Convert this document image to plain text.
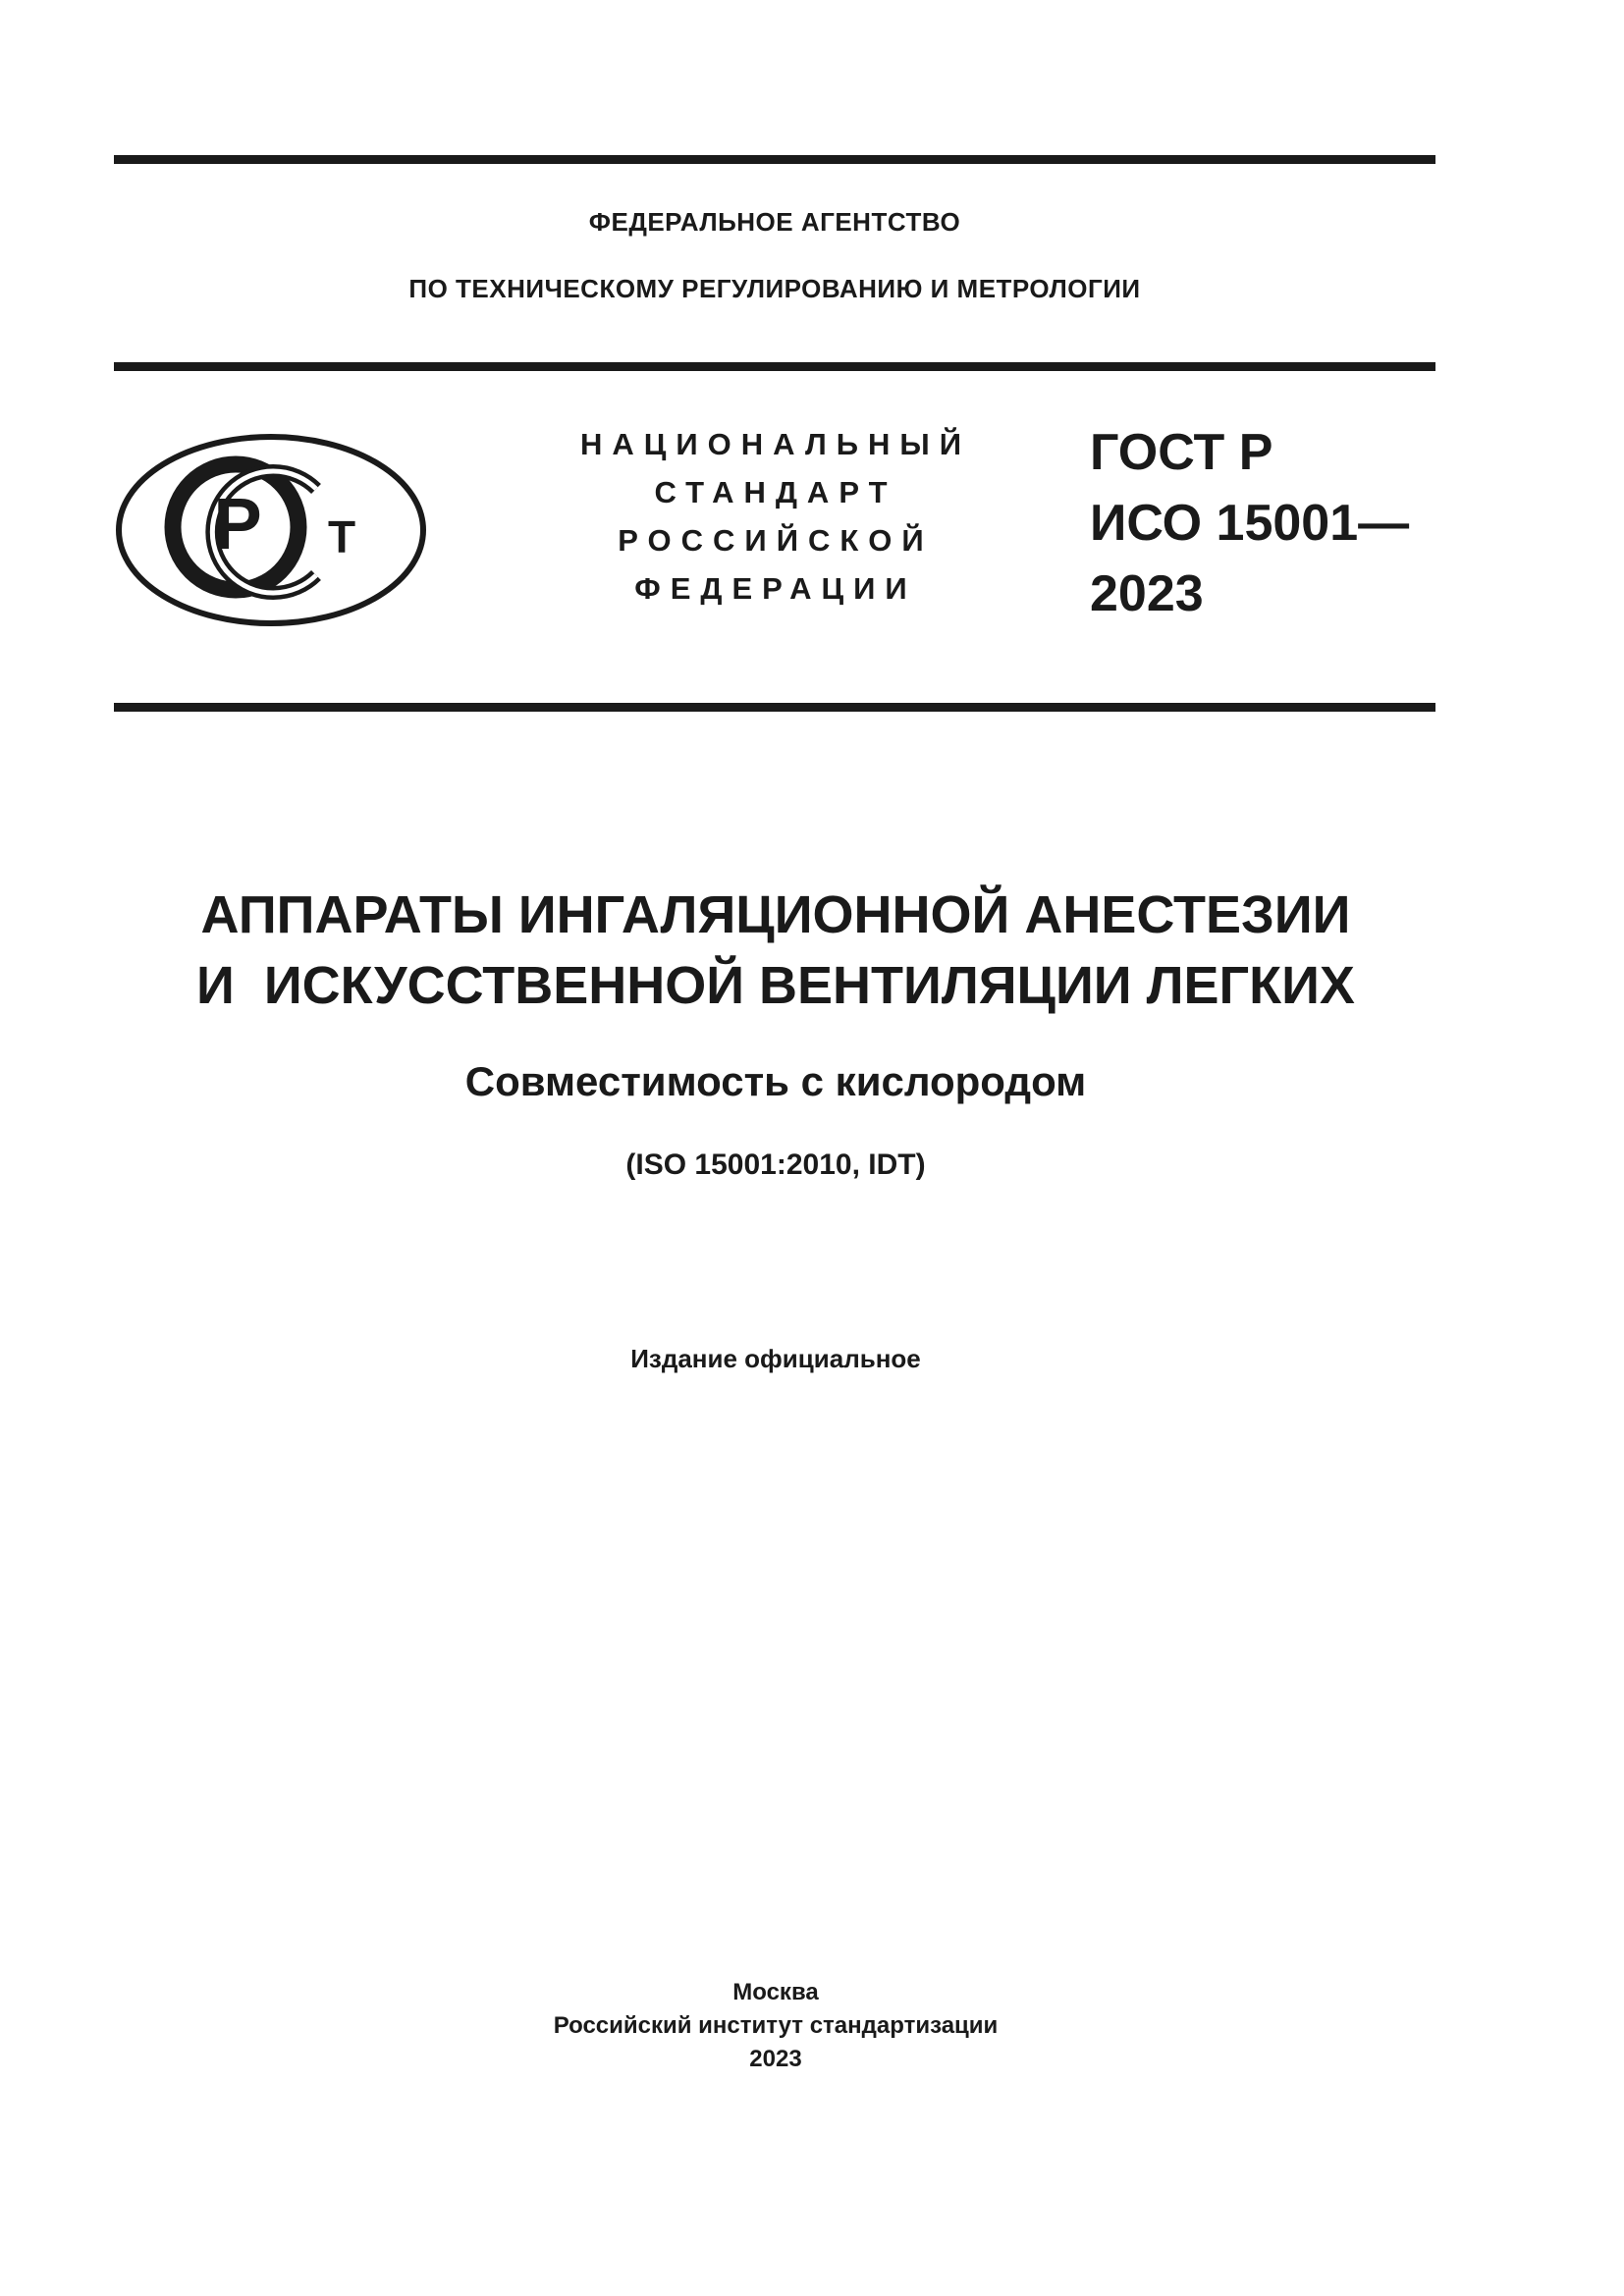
ФЕДЕРАЛЬНОЕ АГЕНТСТВО
ПО ТЕХНИЧЕСКОМУ РЕГУЛИРОВАНИЮ И МЕТРОЛОГИИ
Р Т
НАЦИОНАЛЬНЫЙ
СТАНДАРТ
РОССИЙСКОЙ
ФЕДЕРАЦИИ
ГОСТ Р
ИСО 15001—
2023
АППАРАТЫ ИНГАЛЯЦИОННОЙ АНЕСТЕЗИИ
И  ИСКУССТВЕННОЙ ВЕНТИЛЯЦИИ ЛЕГКИХ
Совместимость с кислородом
(ISO 15001:2010, IDT)
Издание официальное
Москва
Российский институт стандартизации
2023
